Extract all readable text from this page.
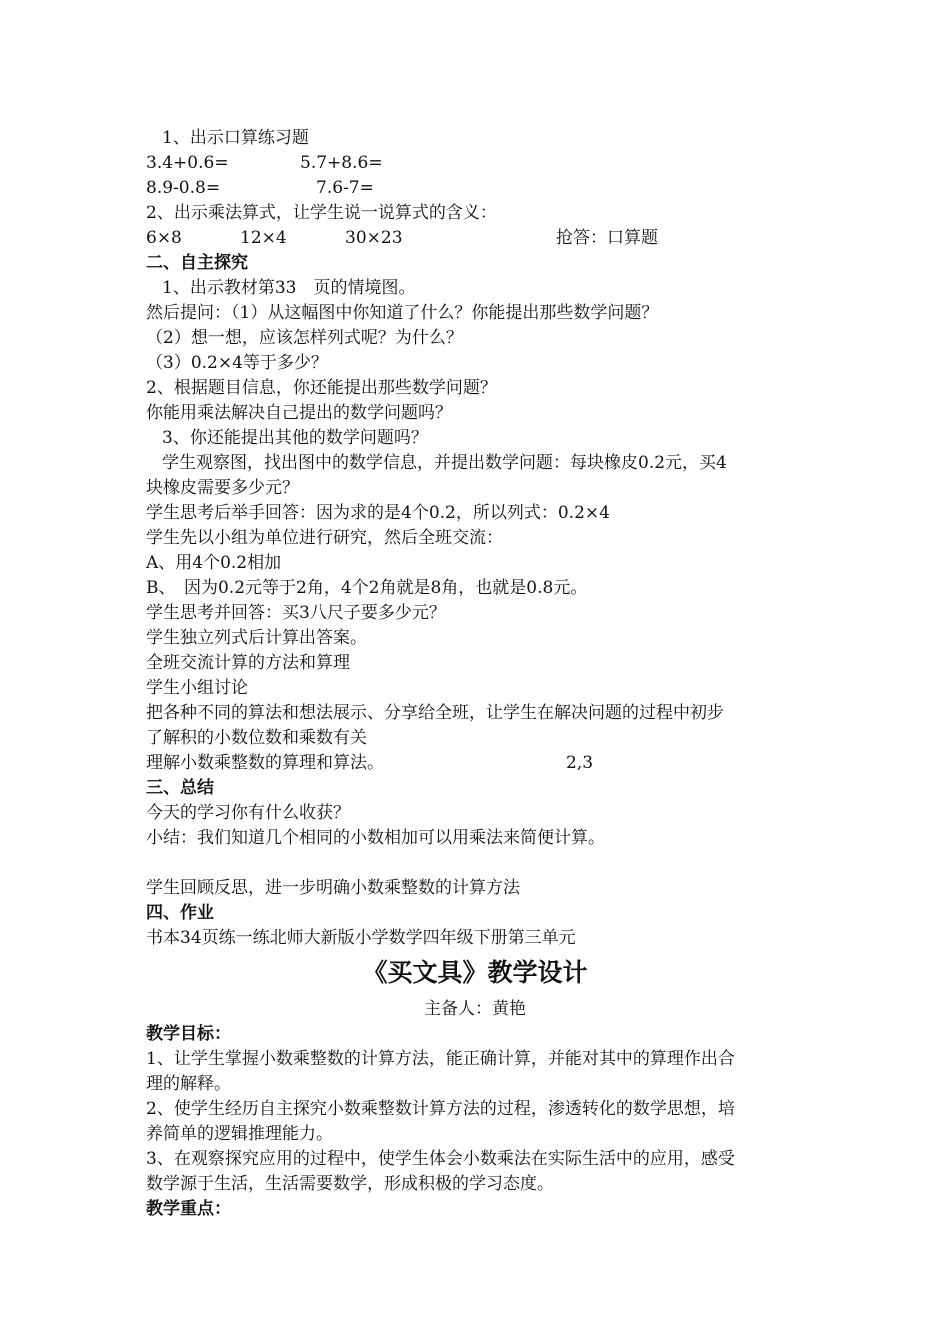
1、出示口算练习题
3.4+0.6=	5.7+8.6=
8.9-0.8=	7.6-7=
2、出示乘法算式，让学生说一说算式的含义：
6×8	12×4	30×23	抢答：口算题
二、自主探究
1、出示教材第33　页的情境图。
然后提问：（1）从这幅图中你知道了什么？你能提出那些数学问题？
（2）想一想，应该怎样列式呢？为什么？
（3）0.2×4等于多少？
2、根据题目信息，你还能提出那些数学问题？
你能用乘法解决自己提出的数学问题吗？
3、你还能提出其他的数学问题吗？
学生观察图，找出图中的数学信息，并提出数学问题：每块橡皮0.2元，买4
块橡皮需要多少元？
学生思考后举手回答：因为求的是4个0.2，所以列式：0.2×4
学生先以小组为单位进行研究，然后全班交流：
A、用4个0.2相加
B、　因为0.2元等于2角，4个2角就是8角，也就是0.8元。
学生思考并回答：买3八尺子要多少元？
学生独立列式后计算出答案。
全班交流计算的方法和算理
学生小组讨论
把各种不同的算法和想法展示、分享给全班，让学生在解决问题的过程中初步
了解积的小数位数和乘数有关
理解小数乘整数的算理和算法。	2,3
三、总结
今天的学习你有什么收获？
小结：我们知道几个相同的小数相加可以用乘法来简便计算。
学生回顾反思，进一步明确小数乘整数的计算方法
四、作业
书本34页练一练北师大新版小学数学四年级下册第三单元
《买文具》教学设计
主备人：黄艳
教学目标：
1、让学生掌握小数乘整数的计算方法，能正确计算，并能对其中的算理作出合
理的解释。
2、使学生经历自主探究小数乘整数计算方法的过程，渗透转化的数学思想，培
养简单的逻辑推理能力。
3、在观察探究应用的过程中，使学生体会小数乘法在实际生活中的应用，感受
数学源于生活，生活需要数学，形成积极的学习态度。
教学重点：
